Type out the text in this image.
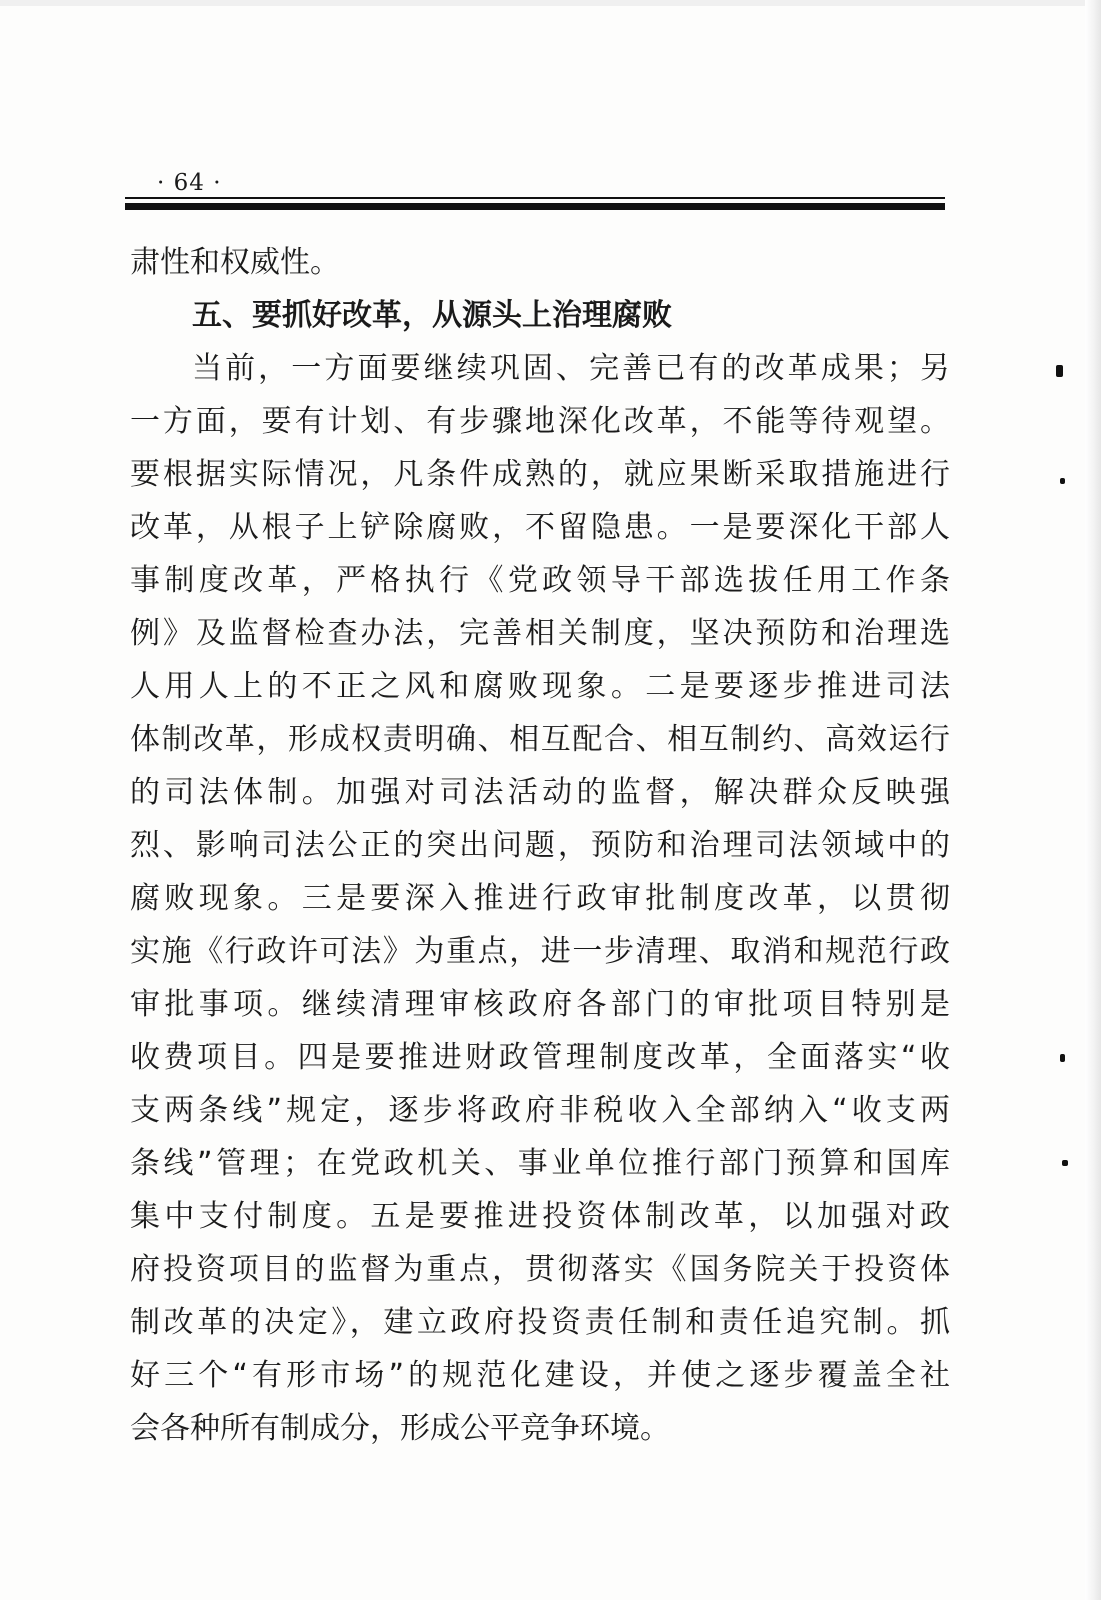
· 64 ·
肃性和权威性。
五、要抓好改革，从源头上治理腐败
当前，一方面要继续巩固、完善已有的改革成果；另
一方面，要有计划、有步骤地深化改革，不能等待观望。
要根据实际情况，凡条件成熟的，就应果断采取措施进行
改革，从根子上铲除腐败，不留隐患。一是要深化干部人
事制度改革，严格执行《党政领导干部选拔任用工作条
例》及监督检查办法，完善相关制度，坚决预防和治理选
人用人上的不正之风和腐败现象。二是要逐步推进司法
体制改革，形成权责明确、相互配合、相互制约、高效运行
的司法体制。加强对司法活动的监督，解决群众反映强
烈、影响司法公正的突出问题，预防和治理司法领域中的
腐败现象。三是要深入推进行政审批制度改革，以贯彻
实施《行政许可法》为重点，进一步清理、取消和规范行政
审批事项。继续清理审核政府各部门的审批项目特别是
收费项目。四是要推进财政管理制度改革，全面落实“收
支两条线”规定，逐步将政府非税收入全部纳入“收支两
条线”管理；在党政机关、事业单位推行部门预算和国库
集中支付制度。五是要推进投资体制改革，以加强对政
府投资项目的监督为重点，贯彻落实《国务院关于投资体
制改革的决定》，建立政府投资责任制和责任追究制。抓
好三个“有形市场”的规范化建设，并使之逐步覆盖全社
会各种所有制成分，形成公平竞争环境。
